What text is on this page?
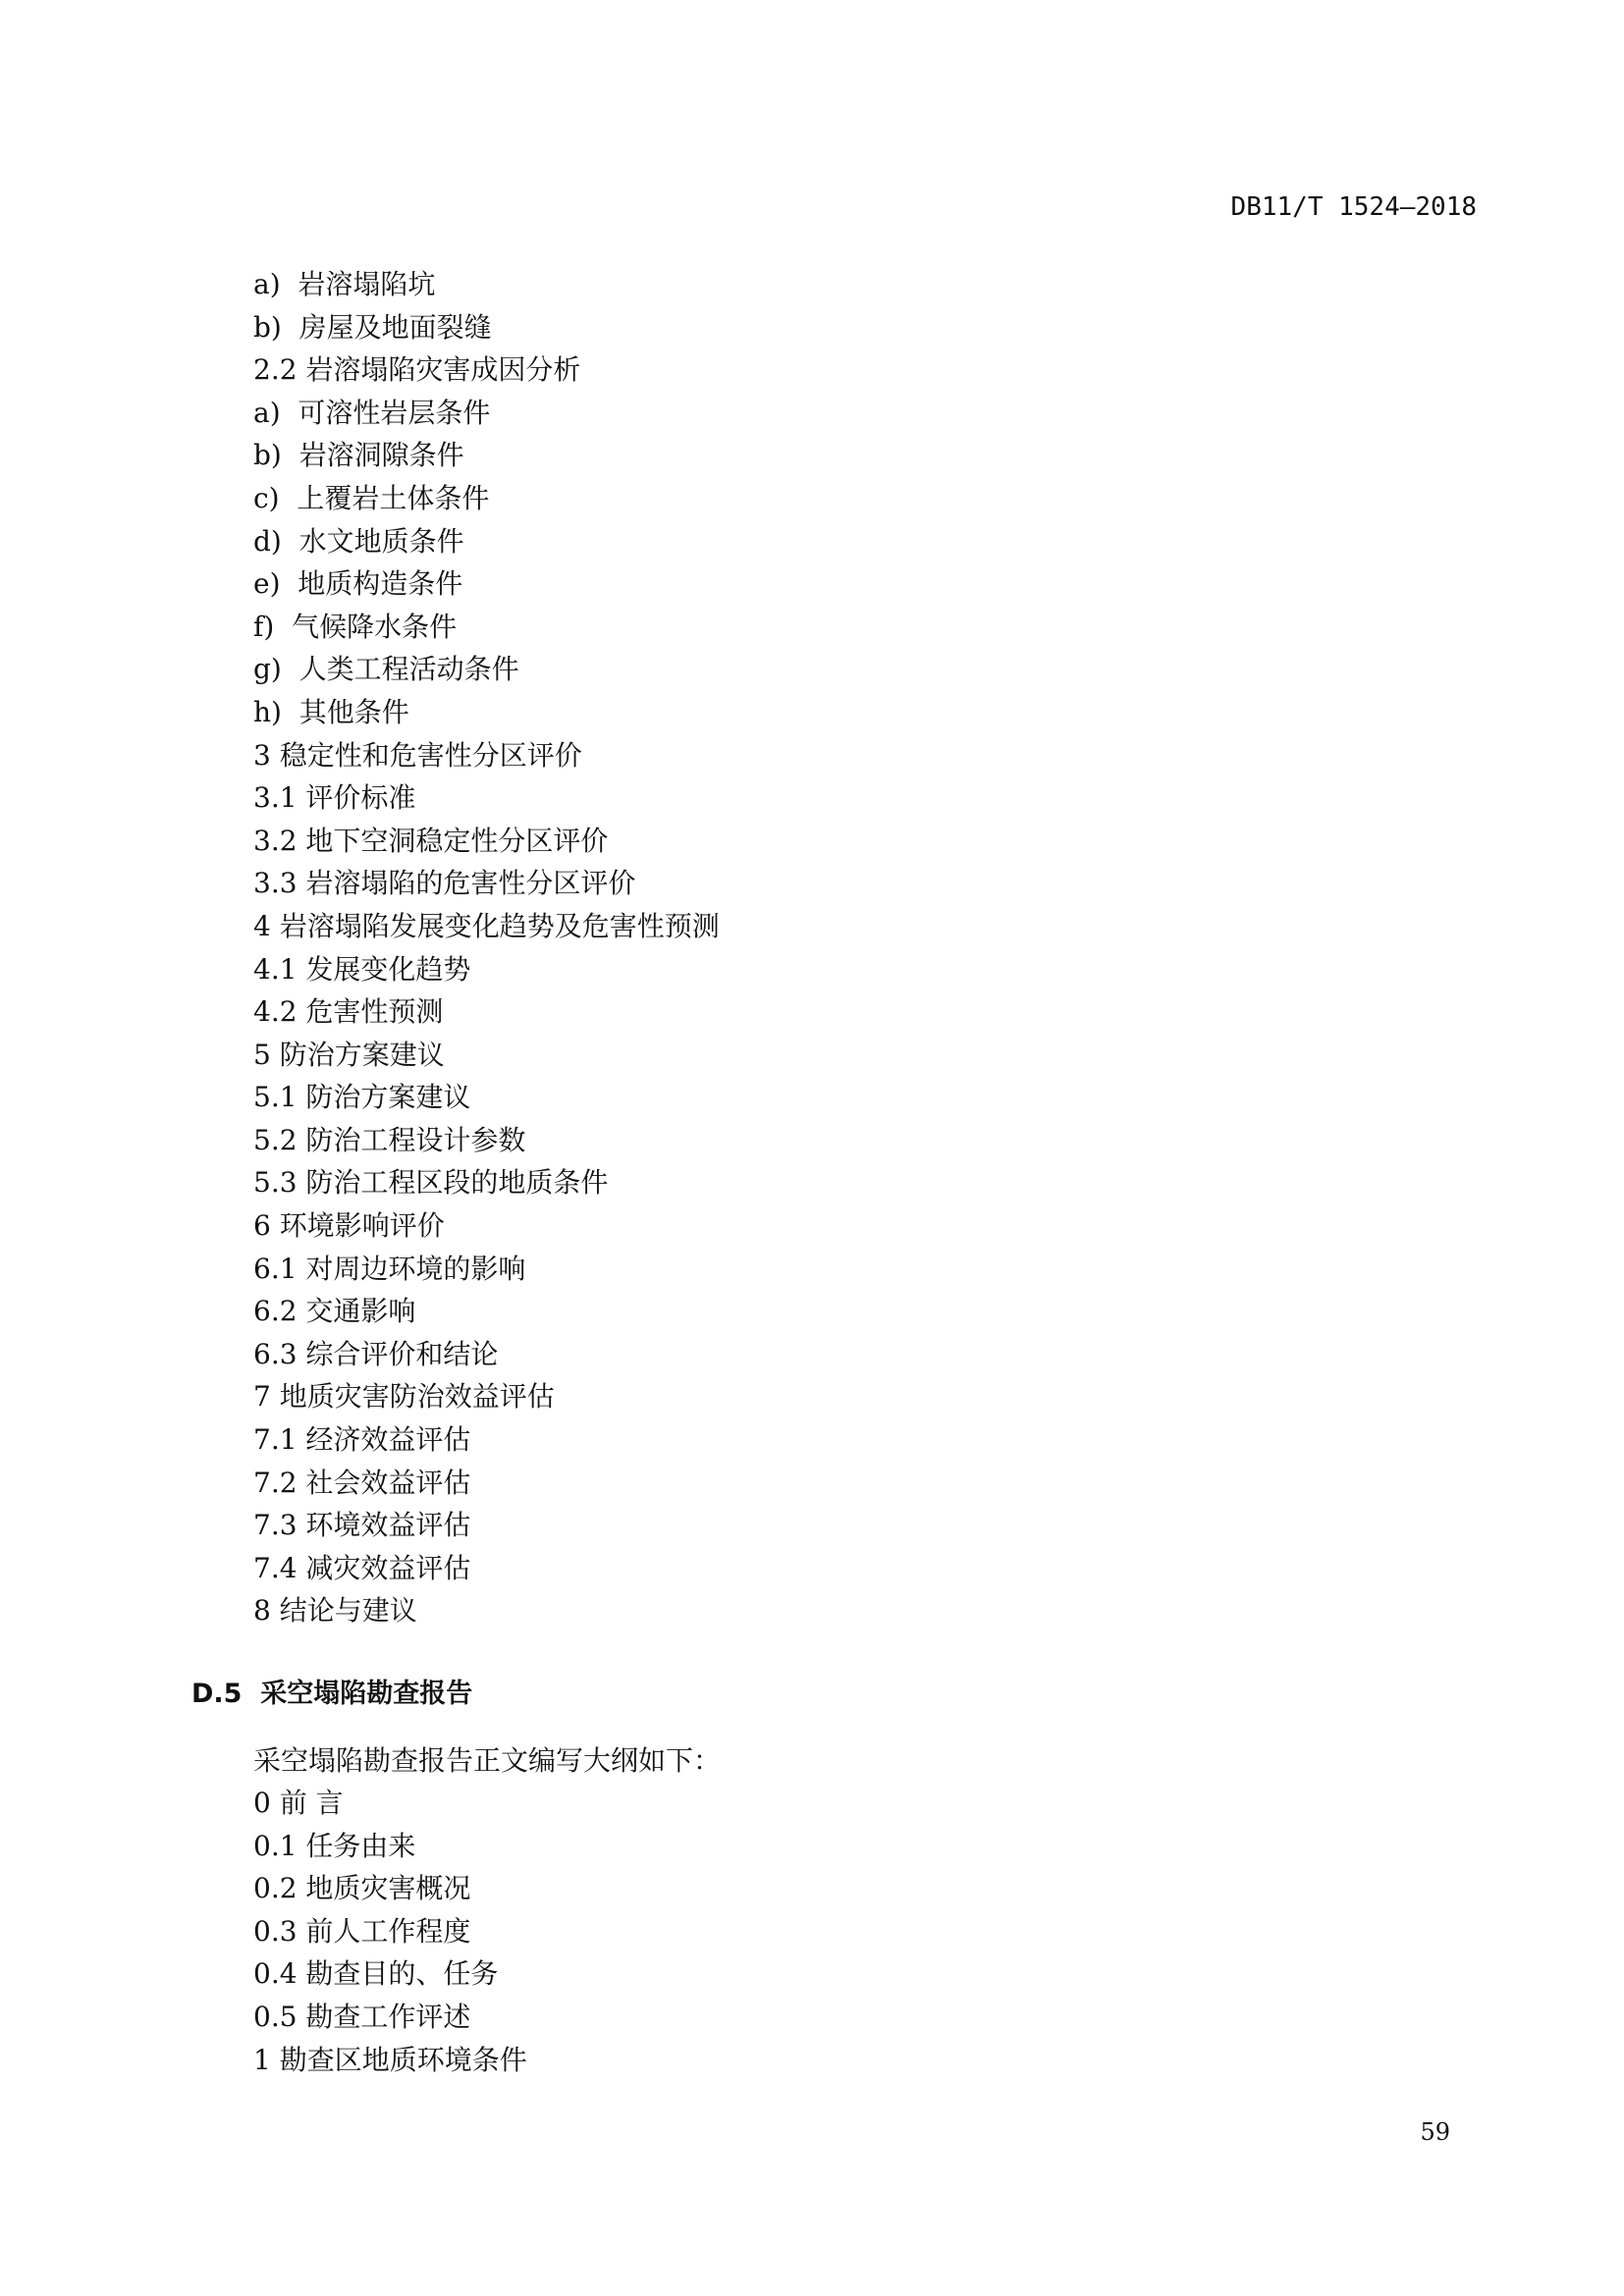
DB11/T 1524—2018
a)  岩溶塌陷坑
b)  房屋及地面裂缝
2.2 岩溶塌陷灾害成因分析
a)  可溶性岩层条件
b)  岩溶洞隙条件
c)  上覆岩土体条件
d)  水文地质条件
e)  地质构造条件
f)  气候降水条件
g)  人类工程活动条件
h)  其他条件
3 稳定性和危害性分区评价
3.1 评价标准
3.2 地下空洞稳定性分区评价
3.3 岩溶塌陷的危害性分区评价
4 岩溶塌陷发展变化趋势及危害性预测
4.1 发展变化趋势
4.2 危害性预测
5 防治方案建议
5.1 防治方案建议
5.2 防治工程设计参数
5.3 防治工程区段的地质条件
6 环境影响评价
6.1 对周边环境的影响
6.2 交通影响
6.3 综合评价和结论
7 地质灾害防治效益评估
7.1 经济效益评估
7.2 社会效益评估
7.3 环境效益评估
7.4 减灾效益评估
8 结论与建议
D.5  采空塌陷勘查报告
采空塌陷勘查报告正文编写大纲如下：
0 前 言
0.1 任务由来
0.2 地质灾害概况
0.3 前人工作程度
0.4 勘查目的、任务
0.5 勘查工作评述
1 勘查区地质环境条件
59
